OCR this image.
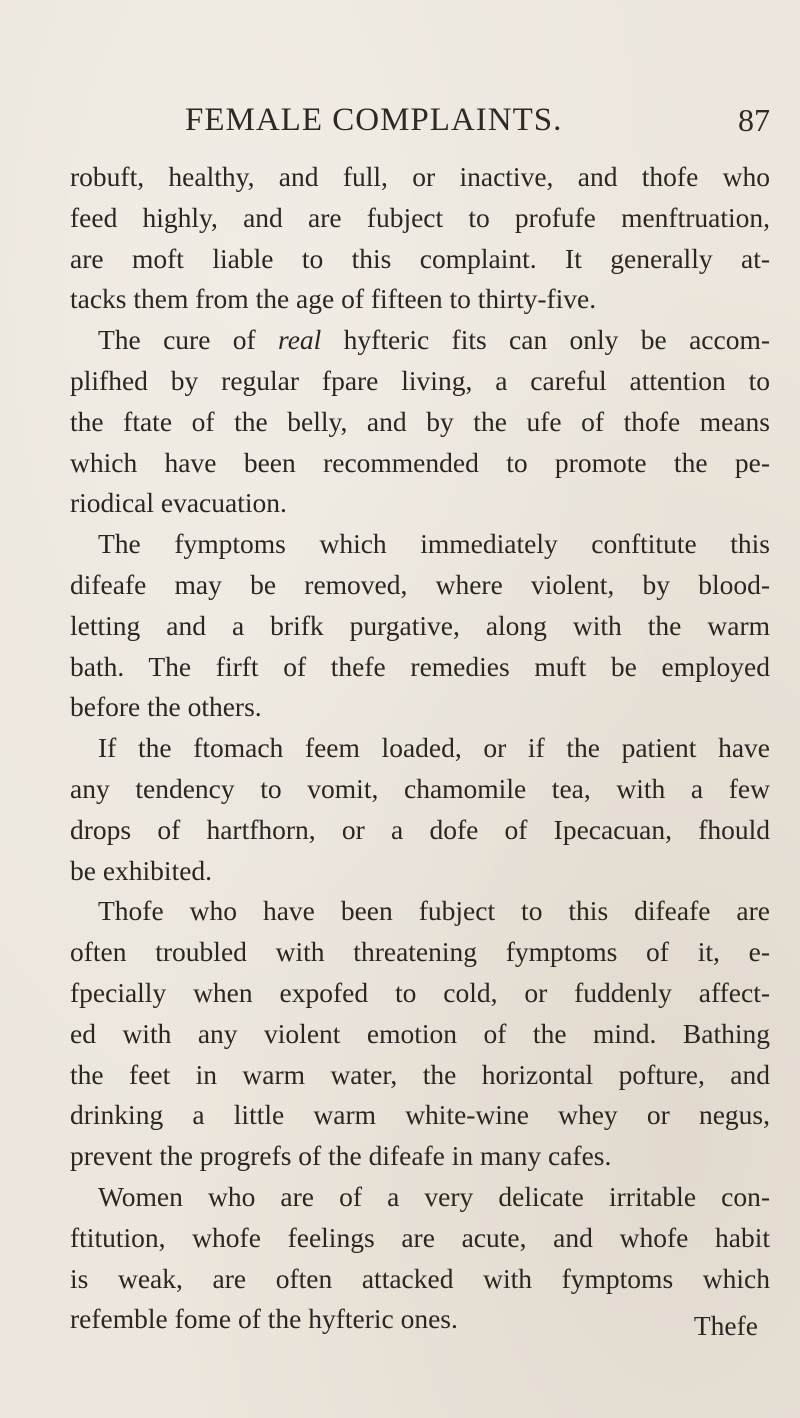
FEMALE COMPLAINTS.	87

robuft, healthy, and full, or inactive, and thofe who
feed highly, and are fubject to profufe menftruation,
are moft liable to this complaint. It generally at-
tacks them from the age of fifteen to thirty-five.

The cure of real hyfteric fits can only be accom-
plifhed by regular fpare living, a careful attention to
the ftate of the belly, and by the ufe of thofe means
which have been recommended to promote the pe-
riodical evacuation.

The fymptoms which immediately conftitute this
difeafe may be removed, where violent, by blood-
letting and a brifk purgative, along with the warm
bath. The firft of thefe remedies muft be employed
before the others.

If the ftomach feem loaded, or if the patient have
any tendency to vomit, chamomile tea, with a few
drops of hartfhorn, or a dofe of Ipecacuan, fhould
be exhibited.

Thofe who have been fubject to this difeafe are
often troubled with threatening fymptoms of it, e-
fpecially when expofed to cold, or fuddenly affect-
ed with any violent emotion of the mind. Bathing
the feet in warm water, the horizontal pofture, and
drinking a little warm white-wine whey or negus,
prevent the progrefs of the difeafe in many cafes.

Women who are of a very delicate irritable con-
ftitution, whofe feelings are acute, and whofe habit
is weak, are often attacked with fymptoms which
refemble fome of the hyfteric ones.	Thefe
